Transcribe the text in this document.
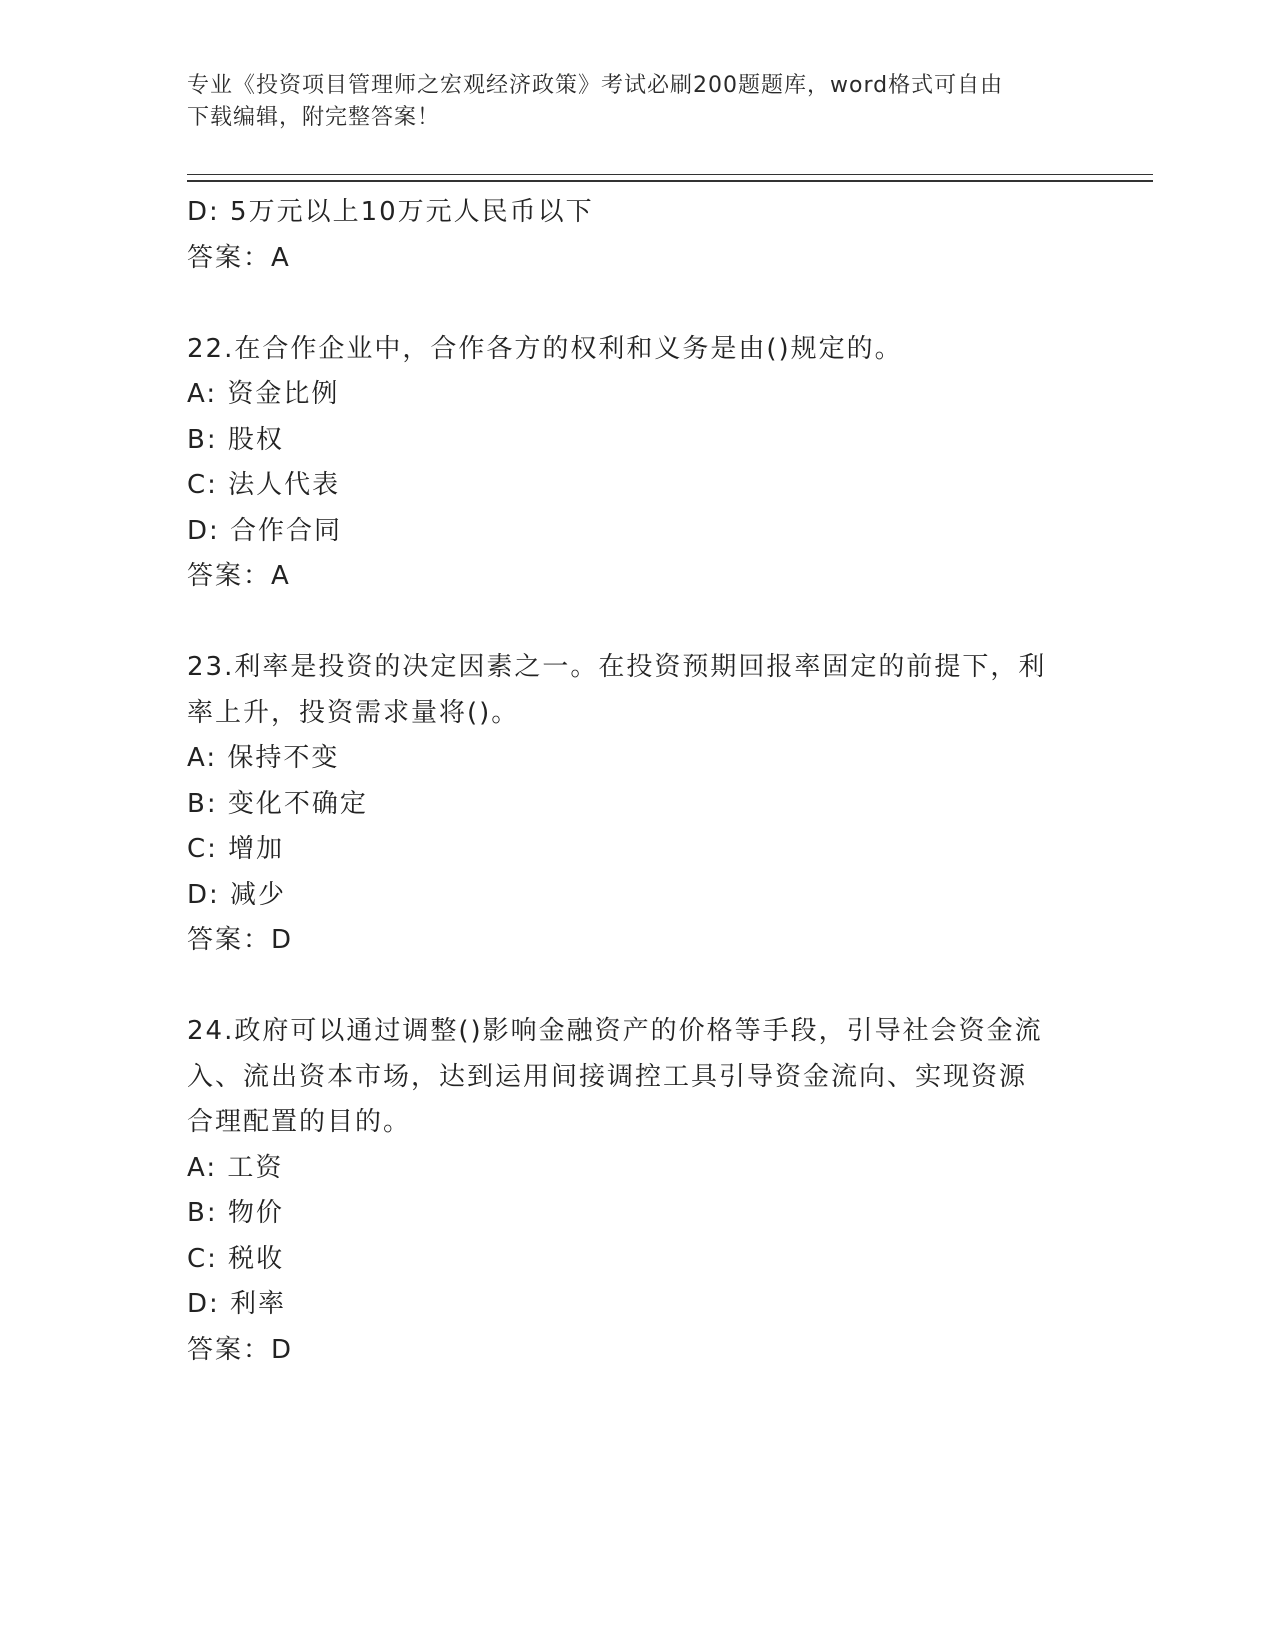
专业《投资项目管理师之宏观经济政策》考试必刷200题题库，word格式可自由
下载编辑，附完整答案！
D: 5万元以上10万元人民币以下
答案：A
22.在合作企业中，合作各方的权利和义务是由()规定的。
A: 资金比例
B: 股权
C: 法人代表
D: 合作合同
答案：A
23.利率是投资的决定因素之一。在投资预期回报率固定的前提下，利
率上升，投资需求量将()。
A: 保持不变
B: 变化不确定
C: 增加
D: 减少
答案：D
24.政府可以通过调整()影响金融资产的价格等手段，引导社会资金流
入、流出资本市场，达到运用间接调控工具引导资金流向、实现资源
合理配置的目的。
A: 工资
B: 物价
C: 税收
D: 利率
答案：D
